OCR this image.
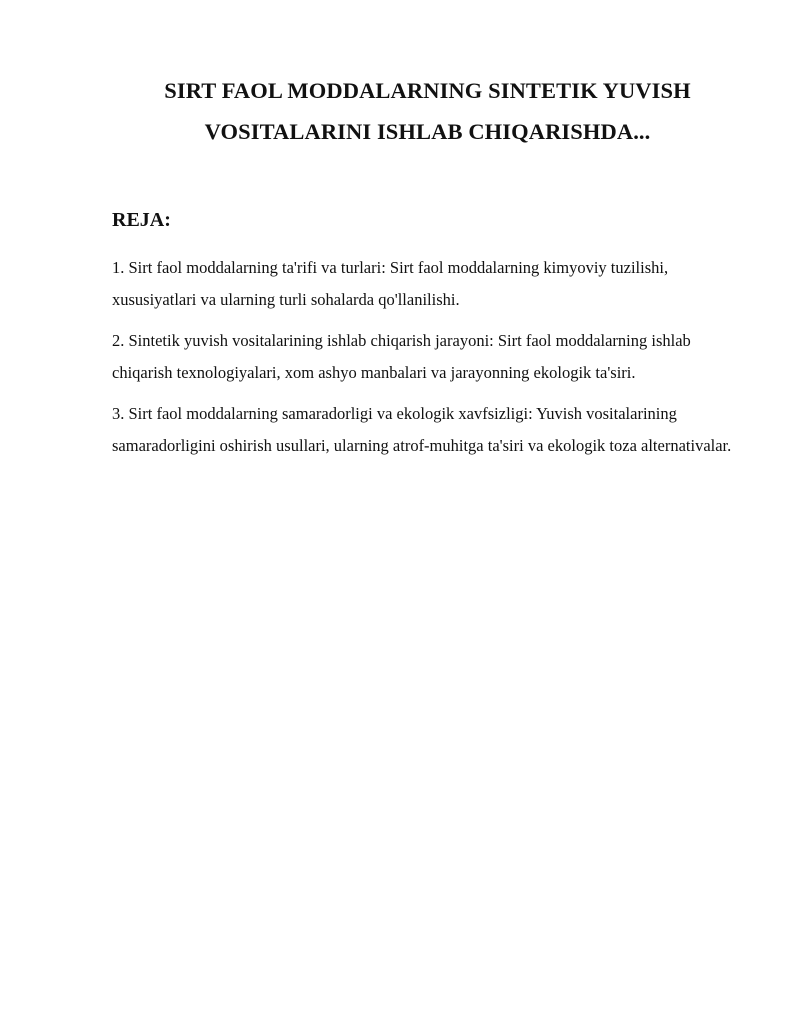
SIRT FAOL MODDALARNING SINTETIK YUVISH
VOSITALARINI ISHLAB CHIQARISHDA...
REJA:
1. Sirt faol moddalarning ta'rifi va turlari: Sirt faol moddalarning kimyoviy tuzilishi, xususiyatlari va ularning turli sohalarda qo'llanilishi.
2. Sintetik yuvish vositalarining ishlab chiqarish jarayoni: Sirt faol moddalarning ishlab chiqarish texnologiyalari, xom ashyo manbalari va jarayonning ekologik ta'siri.
3. Sirt faol moddalarning samaradorligi va ekologik xavfsizligi: Yuvish vositalarining samaradorligini oshirish usullari, ularning atrof-muhitga ta'siri va ekologik toza alternativalar.
